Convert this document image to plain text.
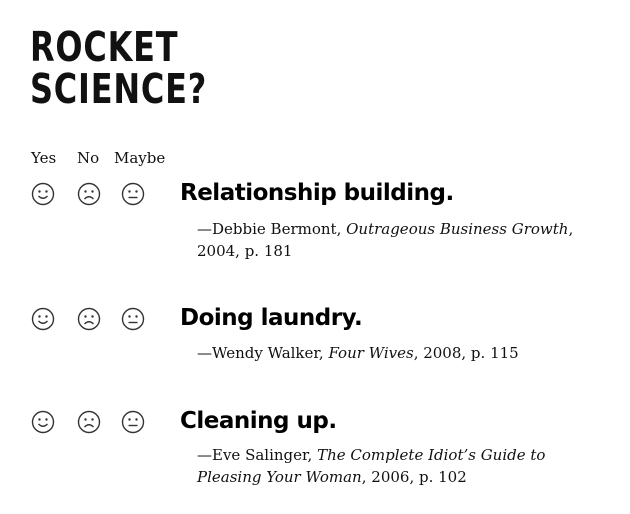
ROCKET
SCIENCE?
Yes No Maybe
Relationship building.
—Debbie Bermont, Outrageous Business Growth, 2004, p. 181
Doing laundry.
—Wendy Walker, Four Wives, 2008, p. 115
Cleaning up.
—Eve Salinger, The Complete Idiot’s Guide to Pleasing Your Woman, 2006, p. 102
